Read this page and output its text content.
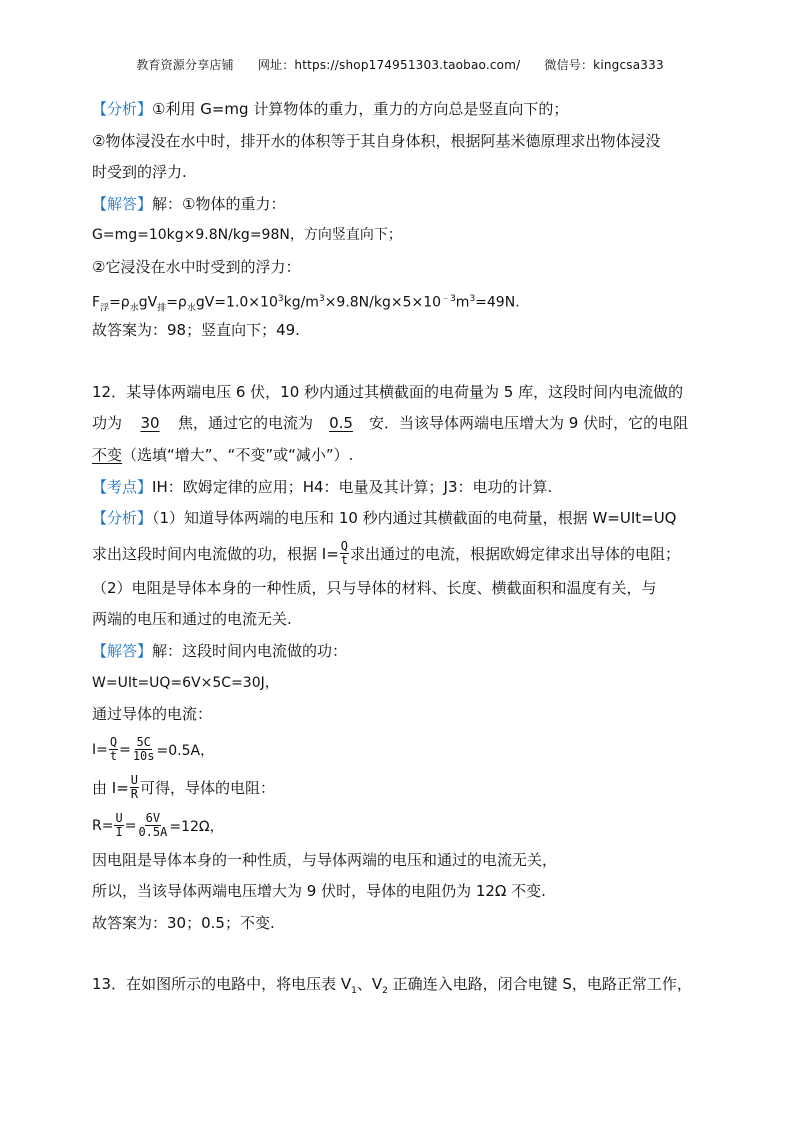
教育资源分享店铺 网址：https://shop174951303.taobao.com/ 微信号：kingcsa333
【分析】①利用 G=mg 计算物体的重力，重力的方向总是竖直向下的；
②物体浸没在水中时，排开水的体积等于其自身体积，根据阿基米德原理求出物体浸没
时受到的浮力.
【解答】解：①物体的重力：
G=mg=10kg×9.8N/kg=98N，方向竖直向下；
②它浸没在水中时受到的浮力：
$F_浮=\rho_水gV_排=\rho_水gV=1.0\times 10^3kg/m^3\times 9.8N/kg\times 5\times 10^{﹣3}m^3=49N$.
故答案为：98；竖直向下；49.
12．某导体两端电压 6 伏，10 秒内通过其横截面的电荷量为 5 库，这段时间内电流做的
功为 30 焦，通过它的电流为 0.5 安．当该导体两端电压增大为 9 伏时，它的电阻
不变（选填“增大”、“不变”或“减小”）.
【考点】IH：欧姆定律的应用；H4：电量及其计算；J3：电功的计算.
【分析】（1）知道导体两端的电压和 10 秒内通过其横截面的电荷量，根据 W=UIt=UQ
求出这段时间内电流做的功，根据 $I= \frac{Q}{t}$ 求出通过的电流，根据欧姆定律求出导体的电阻；
（2）电阻是导体本身的一种性质，只与导体的材料、长度、横截面积和温度有关，与
两端的电压和通过的电流无关.
【解答】解：这段时间内电流做的功：
W=UIt=UQ=6V×5C=30J，
通过导体的电流：
$I= \frac{Q}{t} = \frac{5C}{10s} =0.5A$，
由 $I= \frac{U}{R}$ 可得，导体的电阻：
$R= \frac{U}{I} = \frac{6V}{0.5A} =12\Omega$，
因电阻是导体本身的一种性质，与导体两端的电压和通过的电流无关，
所以，当该导体两端电压增大为 9 伏时，导体的电阻仍为 12Ω 不变.
故答案为：30；0.5；不变.
13．在如图所示的电路中，将电压表 $V_1$、$V_2$ 正确连入电路，闭合电键 S，电路正常工作，
